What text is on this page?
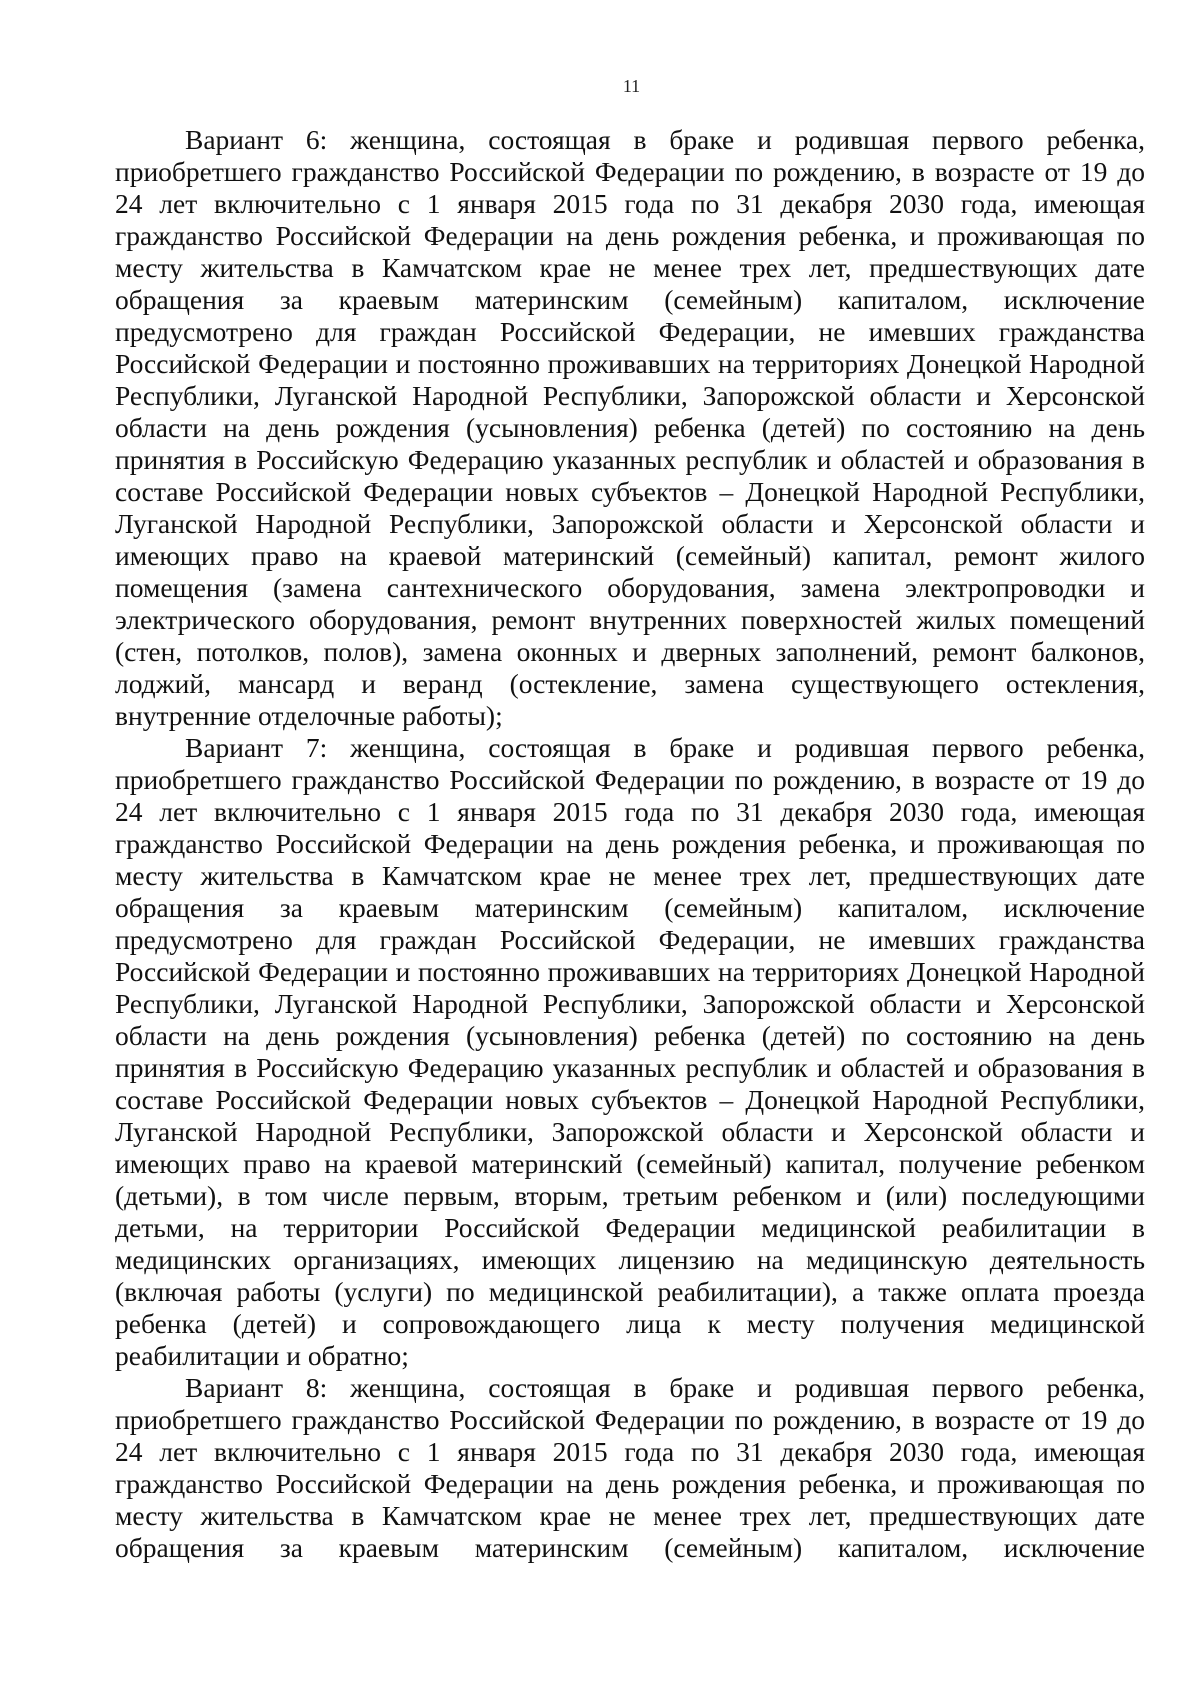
11

Вариант 6: женщина, состоящая в браке и родившая первого ребенка, приобретшего гражданство Российской Федерации по рождению, в возрасте от 19 до 24 лет включительно с 1 января 2015 года по 31 декабря 2030 года, имеющая гражданство Российской Федерации на день рождения ребенка, и проживающая по месту жительства в Камчатском крае не менее трех лет, предшествующих дате обращения за краевым материнским (семейным) капиталом, исключение предусмотрено для граждан Российской Федерации, не имевших гражданства Российской Федерации и постоянно проживавших на территориях Донецкой Народной Республики, Луганской Народной Республики, Запорожской области и Херсонской области на день рождения (усыновления) ребенка (детей) по состоянию на день принятия в Российскую Федерацию указанных республик и областей и образования в составе Российской Федерации новых субъектов – Донецкой Народной Республики, Луганской Народной Республики, Запорожской области и Херсонской области и имеющих право на краевой материнский (семейный) капитал, ремонт жилого помещения (замена сантехнического оборудования, замена электропроводки и электрического оборудования, ремонт внутренних поверхностей жилых помещений (стен, потолков, полов), замена оконных и дверных заполнений, ремонт балконов, лоджий, мансард и веранд (остекление, замена существующего остекления, внутренние отделочные работы);

Вариант 7: женщина, состоящая в браке и родившая первого ребенка, приобретшего гражданство Российской Федерации по рождению, в возрасте от 19 до 24 лет включительно с 1 января 2015 года по 31 декабря 2030 года, имеющая гражданство Российской Федерации на день рождения ребенка, и проживающая по месту жительства в Камчатском крае не менее трех лет, предшествующих дате обращения за краевым материнским (семейным) капиталом, исключение предусмотрено для граждан Российской Федерации, не имевших гражданства Российской Федерации и постоянно проживавших на территориях Донецкой Народной Республики, Луганской Народной Республики, Запорожской области и Херсонской области на день рождения (усыновления) ребенка (детей) по состоянию на день принятия в Российскую Федерацию указанных республик и областей и образования в составе Российской Федерации новых субъектов – Донецкой Народной Республики, Луганской Народной Республики, Запорожской области и Херсонской области и имеющих право на краевой материнский (семейный) капитал, получение ребенком (детьми), в том числе первым, вторым, третьим ребенком и (или) последующими детьми, на территории Российской Федерации медицинской реабилитации в медицинских организациях, имеющих лицензию на медицинскую деятельность (включая работы (услуги) по медицинской реабилитации), а также оплата проезда ребенка (детей) и сопровождающего лица к месту получения медицинской реабилитации и обратно;

Вариант 8: женщина, состоящая в браке и родившая первого ребенка, приобретшего гражданство Российской Федерации по рождению, в возрасте от 19 до 24 лет включительно с 1 января 2015 года по 31 декабря 2030 года, имеющая гражданство Российской Федерации на день рождения ребенка, и проживающая по месту жительства в Камчатском крае не менее трех лет, предшествующих дате обращения за краевым материнским (семейным) капиталом, исключение
